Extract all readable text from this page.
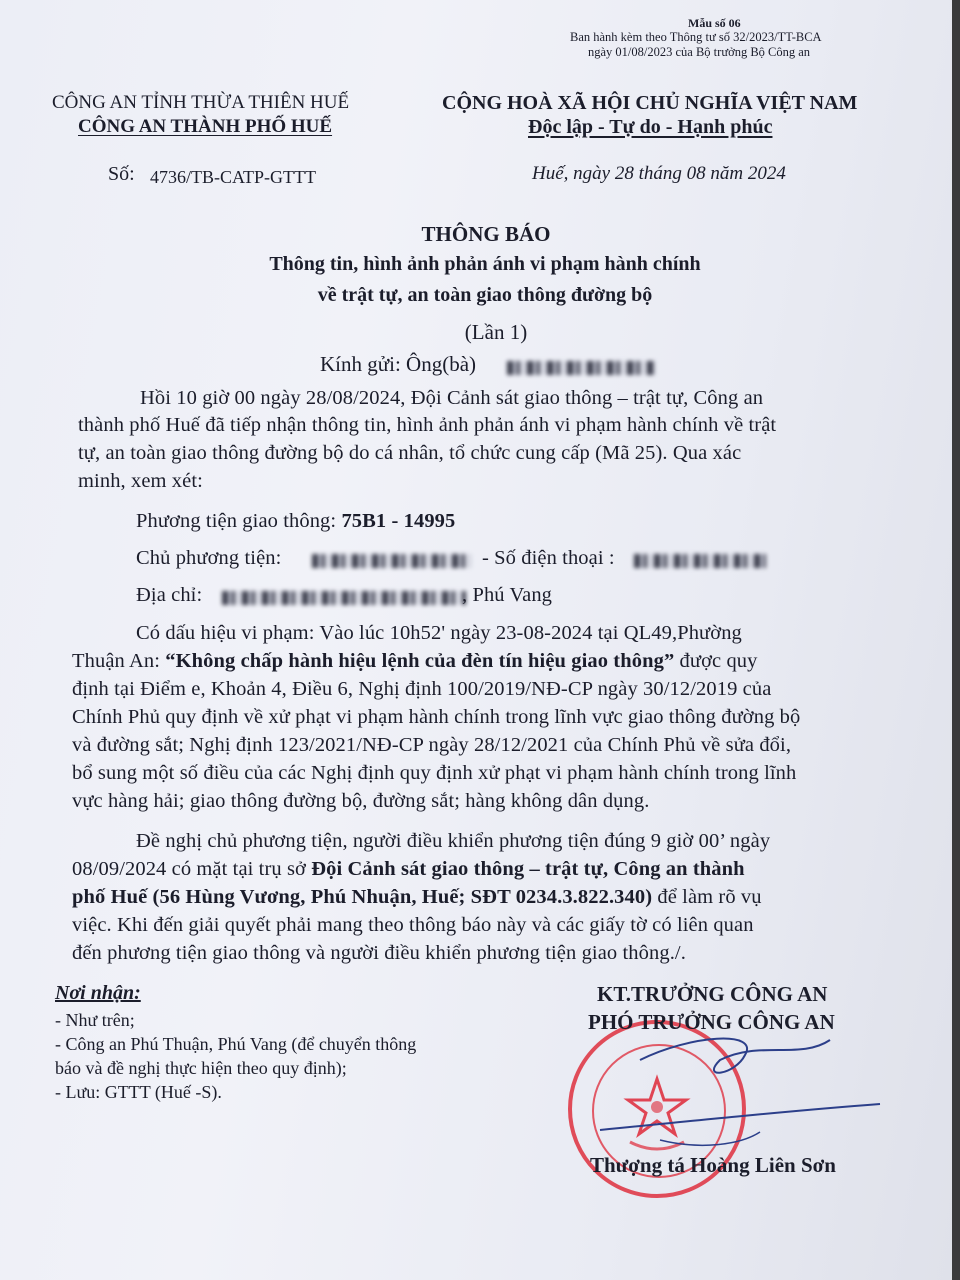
Mẫu số 06
Ban hành kèm theo Thông tư số 32/2023/TT-BCA
ngày 01/08/2023 của Bộ trưởng Bộ Công an
CÔNG AN TỈNH THỪA THIÊN HUẾ
CÔNG AN THÀNH PHỐ HUẾ
CỘNG HOÀ XÃ HỘI CHỦ NGHĨA VIỆT NAM
Độc lập - Tự do - Hạnh phúc
Số: 4736/TB-CATP-GTTT	Huế, ngày 28 tháng 08 năm 2024
THÔNG BÁO
Thông tin, hình ảnh phản ánh vi phạm hành chính
về trật tự, an toàn giao thông đường bộ
(Lần 1)
Kính gửi: Ông(bà)
Hồi 10 giờ 00 ngày 28/08/2024, Đội Cảnh sát giao thông – trật tự, Công an
thành phố Huế đã tiếp nhận thông tin, hình ảnh phản ánh vi phạm hành chính về trật
tự, an toàn giao thông đường bộ do cá nhân, tổ chức cung cấp (Mã 25). Qua xác
minh, xem xét:
Phương tiện giao thông: 75B1 - 14995
Chủ phương tiện:	- Số điện thoại :
Địa chỉ:	, Phú Vang
Có dấu hiệu vi phạm: Vào lúc 10h52' ngày 23-08-2024 tại QL49,Phường
Thuận An: “Không chấp hành hiệu lệnh của đèn tín hiệu giao thông” được quy
định tại Điểm e, Khoản 4, Điều 6, Nghị định 100/2019/NĐ-CP ngày 30/12/2019 của
Chính Phủ quy định về xử phạt vi phạm hành chính trong lĩnh vực giao thông đường bộ
và đường sắt; Nghị định 123/2021/NĐ-CP ngày 28/12/2021 của Chính Phủ về sửa đổi,
bổ sung một số điều của các Nghị định quy định xử phạt vi phạm hành chính trong lĩnh
vực hàng hải; giao thông đường bộ, đường sắt; hàng không dân dụng.
Đề nghị chủ phương tiện, người điều khiển phương tiện đúng 9 giờ 00’ ngày
08/09/2024 có mặt tại trụ sở Đội Cảnh sát giao thông – trật tự, Công an thành
phố Huế (56 Hùng Vương, Phú Nhuận, Huế; SĐT 0234.3.822.340) để làm rõ vụ
việc. Khi đến giải quyết phải mang theo thông báo này và các giấy tờ có liên quan
đến phương tiện giao thông và người điều khiển phương tiện giao thông./.
Nơi nhận:
- Như trên;
- Công an Phú Thuận, Phú Vang (để chuyển thông
báo và đề nghị thực hiện theo quy định);
- Lưu: GTTT (Huế -S).
KT.TRƯỞNG CÔNG AN
PHÓ TRƯỞNG CÔNG AN
Thượng tá Hoàng Liên Sơn
